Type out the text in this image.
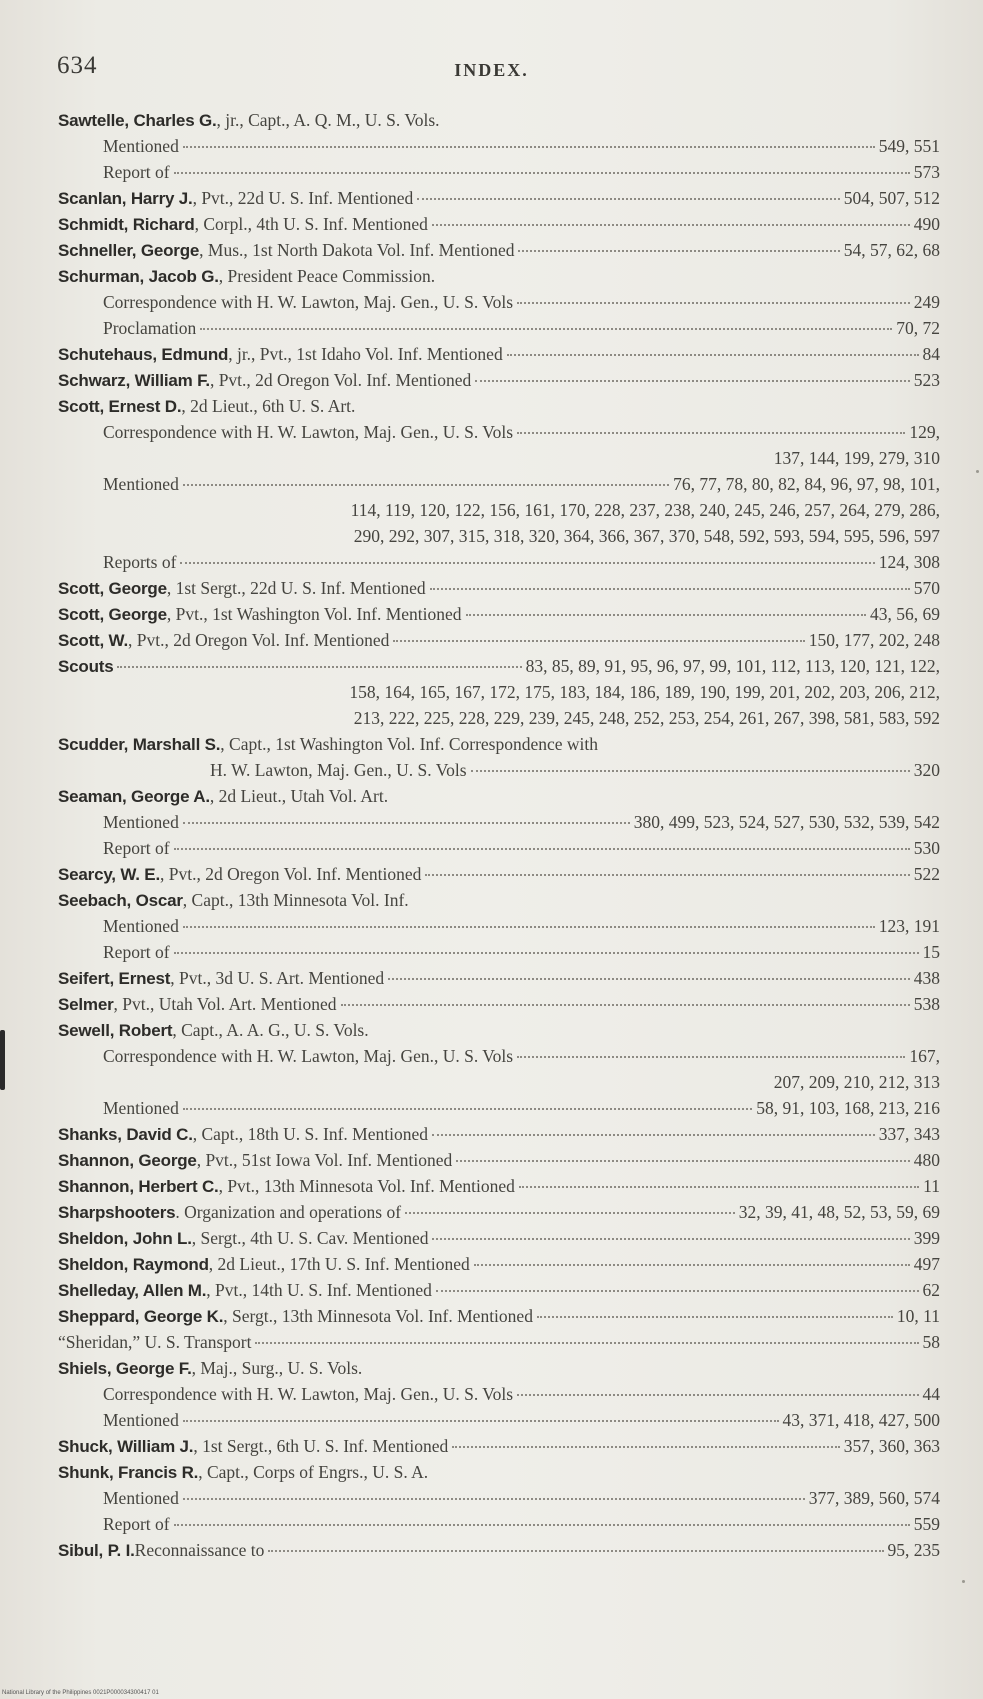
634	INDEX.
Sawtelle, Charles G. , jr., Capt., A. Q. M., U. S. Vols.
Mentioned	549, 551
Report of	573
Scanlan, Harry J. , Pvt., 22d U. S. Inf. Mentioned	504, 507, 512
Schmidt, Richard , Corpl., 4th U. S. Inf. Mentioned	490
Schneller, George , Mus., 1st North Dakota Vol. Inf. Mentioned	54, 57, 62, 68
Schurman, Jacob G. , President Peace Commission.
Correspondence with H. W. Lawton, Maj. Gen., U. S. Vols	249
Proclamation	70, 72
Schutehaus, Edmund , jr., Pvt., 1st Idaho Vol. Inf. Mentioned	84
Schwarz, William F. , Pvt., 2d Oregon Vol. Inf. Mentioned	523
Scott, Ernest D. , 2d Lieut., 6th U. S. Art.
Correspondence with H. W. Lawton, Maj. Gen., U. S. Vols	129,
137, 144, 199, 279, 310
Mentioned	76, 77, 78, 80, 82, 84, 96, 97, 98, 101,
114, 119, 120, 122, 156, 161, 170, 228, 237, 238, 240, 245, 246, 257, 264, 279, 286,
290, 292, 307, 315, 318, 320, 364, 366, 367, 370, 548, 592, 593, 594, 595, 596, 597
Reports of	124, 308
Scott, George , 1st Sergt., 22d U. S. Inf. Mentioned	570
Scott, George , Pvt., 1st Washington Vol. Inf. Mentioned	43, 56, 69
Scott, W. , Pvt., 2d Oregon Vol. Inf. Mentioned	150, 177, 202, 248
Scouts	83, 85, 89, 91, 95, 96, 97, 99, 101, 112, 113, 120, 121, 122,
158, 164, 165, 167, 172, 175, 183, 184, 186, 189, 190, 199, 201, 202, 203, 206, 212,
213, 222, 225, 228, 229, 239, 245, 248, 252, 253, 254, 261, 267, 398, 581, 583, 592
Scudder, Marshall S. , Capt., 1st Washington Vol. Inf. Correspondence with
H. W. Lawton, Maj. Gen., U. S. Vols	320
Seaman, George A. , 2d Lieut., Utah Vol. Art.
Mentioned	380, 499, 523, 524, 527, 530, 532, 539, 542
Report of	530
Searcy, W. E. , Pvt., 2d Oregon Vol. Inf. Mentioned	522
Seebach, Oscar , Capt., 13th Minnesota Vol. Inf.
Mentioned	123, 191
Report of	15
Seifert, Ernest , Pvt., 3d U. S. Art. Mentioned	438
Selmer , Pvt., Utah Vol. Art. Mentioned	538
Sewell, Robert , Capt., A. A. G., U. S. Vols.
Correspondence with H. W. Lawton, Maj. Gen., U. S. Vols	167,
207, 209, 210, 212, 313
Mentioned	58, 91, 103, 168, 213, 216
Shanks, David C. , Capt., 18th U. S. Inf. Mentioned	337, 343
Shannon, George , Pvt., 51st Iowa Vol. Inf. Mentioned	480
Shannon, Herbert C. , Pvt., 13th Minnesota Vol. Inf. Mentioned	11
Sharpshooters . Organization and operations of	32, 39, 41, 48, 52, 53, 59, 69
Sheldon, John L. , Sergt., 4th U. S. Cav. Mentioned	399
Sheldon, Raymond , 2d Lieut., 17th U. S. Inf. Mentioned	497
Shelleday, Allen M. , Pvt., 14th U. S. Inf. Mentioned	62
Sheppard, George K. , Sergt., 13th Minnesota Vol. Inf. Mentioned	10, 11
“Sheridan,” U. S. Transport	58
Shiels, George F. , Maj., Surg., U. S. Vols.
Correspondence with H. W. Lawton, Maj. Gen., U. S. Vols	44
Mentioned	43, 371, 418, 427, 500
Shuck, William J. , 1st Sergt., 6th U. S. Inf. Mentioned	357, 360, 363
Shunk, Francis R. , Capt., Corps of Engrs., U. S. A.
Mentioned	377, 389, 560, 574
Report of	559
Sibul, P. I. Reconnaissance to	95, 235
National Library of the Philippines 0021P000034300417 01
